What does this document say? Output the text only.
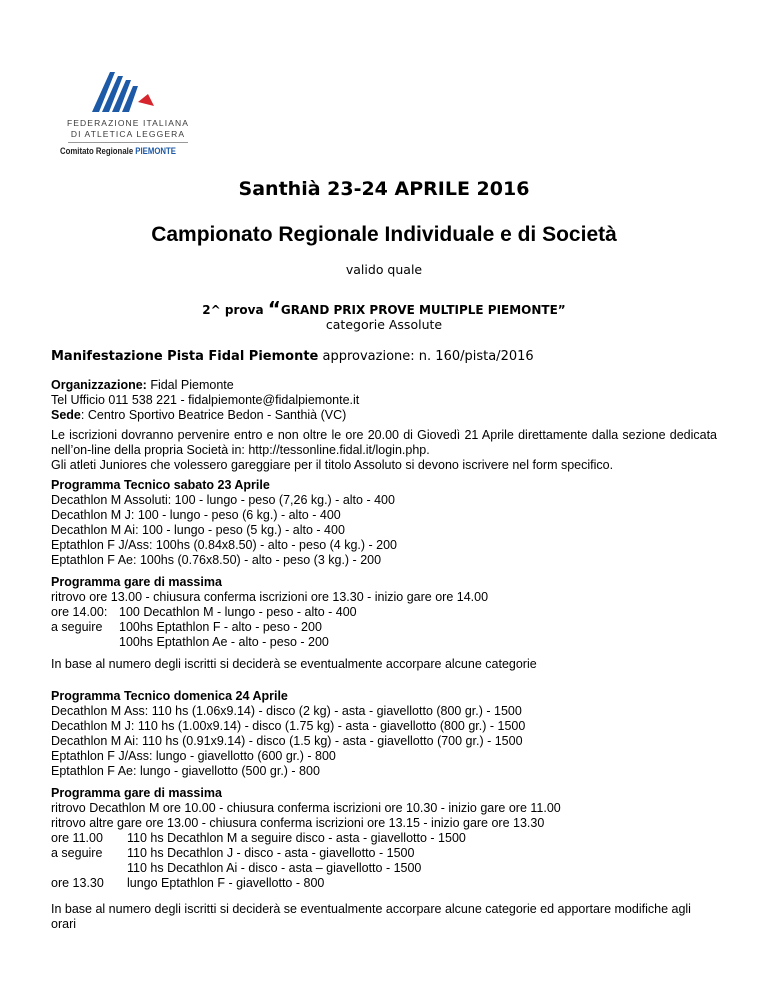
FEDERAZIONE ITALIANA
DI ATLETICA LEGGERA
Comitato Regionale PIEMONTE
Santhià 23-24 APRILE 2016
Campionato Regionale Individuale e di Società
valido quale
2^ prova “GRAND PRIX PROVE MULTIPLE PIEMONTE”
categorie Assolute
Manifestazione Pista Fidal Piemonte approvazione: n. 160/pista/2016
Organizzazione: Fidal Piemonte
Tel Ufficio 011 538 221 - fidalpiemonte@fidalpiemonte.it
Sede: Centro Sportivo Beatrice Bedon - Santhià (VC)
Le iscrizioni dovranno pervenire entro e non oltre le ore 20.00 di Giovedì 21 Aprile direttamente dalla sezione dedicata nell’on-line della propria Società in: http://tessonline.fidal.it/login.php.
Gli atleti Juniores che volessero gareggiare per il titolo Assoluto si devono iscrivere nel form specifico.
Programma Tecnico sabato 23 Aprile
Decathlon M Assoluti: 100 - lungo - peso (7,26 kg.) - alto - 400
Decathlon M J: 100 - lungo - peso (6 kg.) - alto - 400
Decathlon M Ai: 100 - lungo - peso (5 kg.) - alto - 400
Eptathlon F J/Ass: 100hs (0.84x8.50) - alto - peso (4 kg.) - 200
Eptathlon F Ae: 100hs (0.76x8.50) - alto - peso (3 kg.) - 200
Programma gare di massima
ritrovo ore 13.00 - chiusura conferma iscrizioni ore 13.30 - inizio gare ore 14.00
ore 14.00: 100 Decathlon M - lungo - peso - alto - 400
a seguire 100hs Eptathlon F - alto - peso - 200
100hs Eptathlon Ae - alto - peso - 200
In base al numero degli iscritti si deciderà se eventualmente accorpare alcune categorie
Programma Tecnico domenica 24 Aprile
Decathlon M Ass: 110 hs (1.06x9.14) - disco (2 kg) - asta - giavellotto (800 gr.) - 1500
Decathlon M J: 110 hs (1.00x9.14) - disco (1.75 kg) - asta - giavellotto (800 gr.) - 1500
Decathlon M Ai: 110 hs (0.91x9.14) - disco (1.5 kg) - asta - giavellotto (700 gr.) - 1500
Eptathlon F J/Ass: lungo - giavellotto (600 gr.) - 800
Eptathlon F Ae: lungo - giavellotto (500 gr.) - 800
Programma gare di massima
ritrovo Decathlon M ore 10.00 - chiusura conferma iscrizioni ore 10.30 - inizio gare ore 11.00
ritrovo altre gare ore 13.00 - chiusura conferma iscrizioni ore 13.15 - inizio gare ore 13.30
ore 11.00 110 hs Decathlon M a seguire disco - asta - giavellotto - 1500
a seguire 110 hs Decathlon J - disco - asta - giavellotto - 1500
110 hs Decathlon Ai - disco - asta – giavellotto - 1500
ore 13.30 lungo Eptathlon F - giavellotto - 800
In base al numero degli iscritti si deciderà se eventualmente accorpare alcune categorie ed apportare modifiche agli orari
